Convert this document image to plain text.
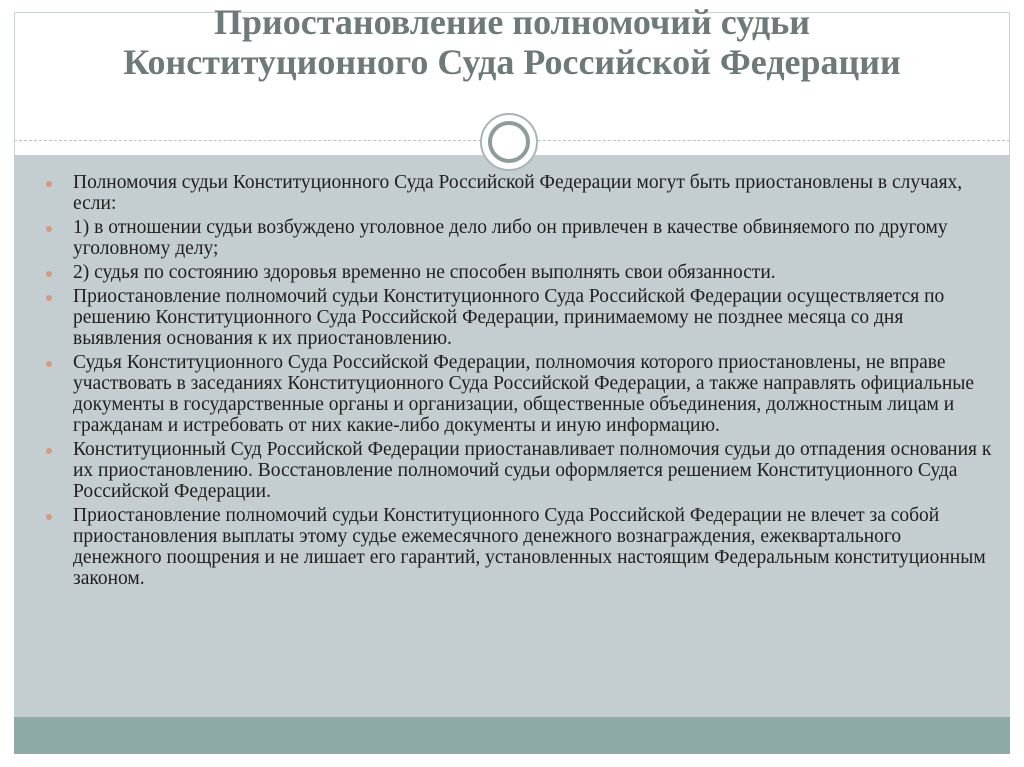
Приостановление полномочий судьи
Конституционного Суда Российской Федерации
Полномочия судьи Конституционного Суда Российской Федерации могут быть приостановлены в случаях, если:
1) в отношении судьи возбуждено уголовное дело либо он привлечен в качестве обвиняемого по другому уголовному делу;
2) судья по состоянию здоровья временно не способен выполнять свои обязанности.
Приостановление полномочий судьи Конституционного Суда Российской Федерации осуществляется по решению Конституционного Суда Российской Федерации, принимаемому не позднее месяца со дня выявления основания к их приостановлению.
Судья Конституционного Суда Российской Федерации, полномочия которого приостановлены, не вправе участвовать в заседаниях Конституционного Суда Российской Федерации, а также направлять официальные документы в государственные органы и организации, общественные объединения, должностным лицам и гражданам и истребовать от них какие-либо документы и иную информацию.
Конституционный Суд Российской Федерации приостанавливает полномочия судьи до отпадения основания к их приостановлению. Восстановление полномочий судьи оформляется решением Конституционного Суда Российской Федерации.
Приостановление полномочий судьи Конституционного Суда Российской Федерации не влечет за собой приостановления выплаты этому судье ежемесячного денежного вознаграждения, ежеквартального денежного поощрения и не лишает его гарантий, установленных настоящим Федеральным конституционным законом.
